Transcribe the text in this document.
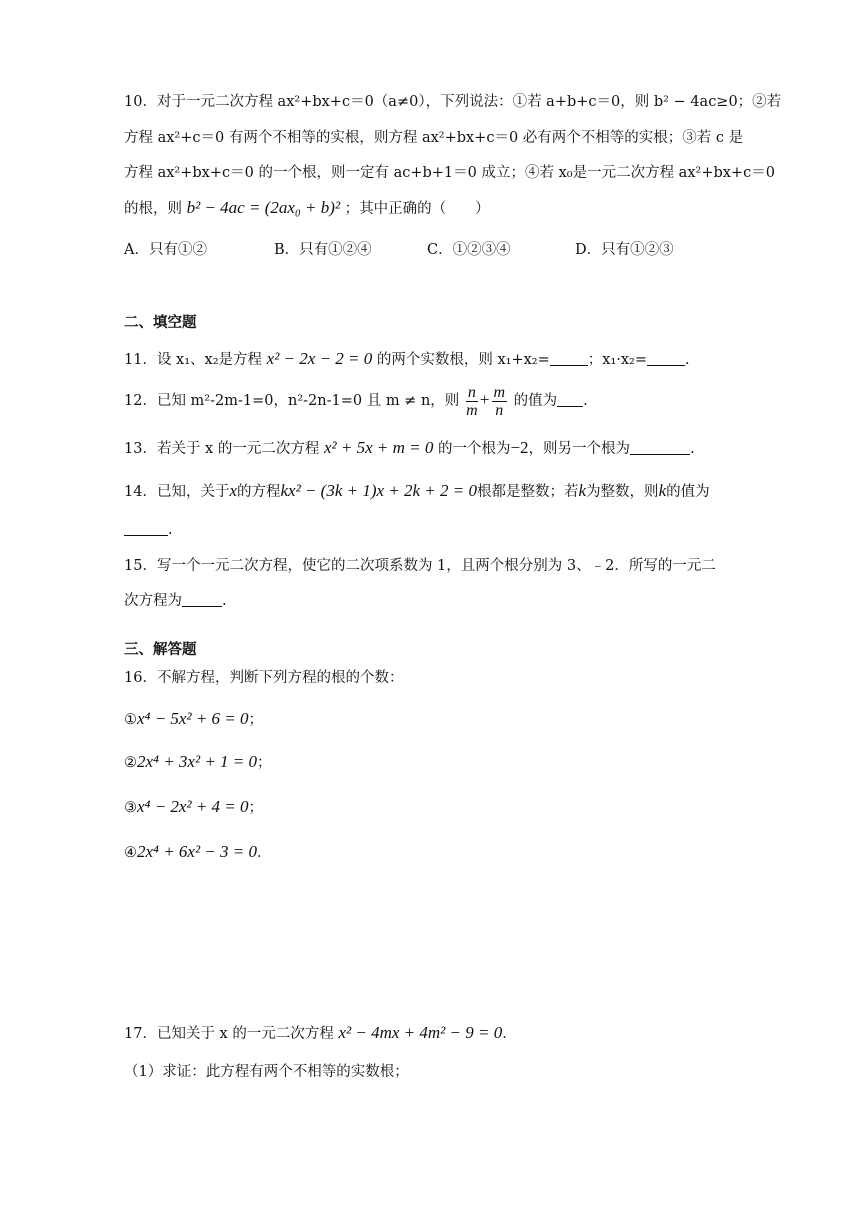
10．对于一元二次方程 ax²+bx+c＝0（a≠0），下列说法：①若 a+b+c＝0，则 b² − 4ac≥0；②若
方程 ax²+c＝0 有两个不相等的实根，则方程 ax²+bx+c＝0 必有两个不相等的实根；③若 c 是
方程 ax²+bx+c＝0 的一个根，则一定有 ac+b+1＝0 成立；④若 x₀是一元二次方程 ax²+bx+c＝0
的根，则 b² − 4ac = (2ax₀ + b)² ；其中正确的（　　）
A．只有①②	B．只有①②④	C．①②③④	D．只有①②③
二、填空题
11．设 x₁、x₂是方程 x² − 2x − 2 = 0 的两个实数根，则 x₁+x₂=	；x₁·x₂=	.
12．已知 m²-2m-1=0，n²-2n-1=0 且 m ≠ n，则 $\frac{n}{m} + \frac{m}{n}$ 的值为 .
13．若关于 x 的一元二次方程 x² + 5x + m = 0 的一个根为−2，则另一个根为	.
14．已知，关于x的方程kx² − (3k + 1)x + 2k + 2 = 0根都是整数；若k为整数，则k的值为
.
15．写一个一元二次方程，使它的二次项系数为 1，且两个根分别为 3、﹣2．所写的一元二
次方程为	.
三、解答题
16．不解方程，判断下列方程的根的个数：
①x⁴ − 5x² + 6 = 0；
②2x⁴ + 3x² + 1 = 0；
③x⁴ − 2x² + 4 = 0；
④2x⁴ + 6x² − 3 = 0．
17．已知关于 x 的一元二次方程 x² − 4mx + 4m² − 9 = 0．
（1）求证：此方程有两个不相等的实数根；
